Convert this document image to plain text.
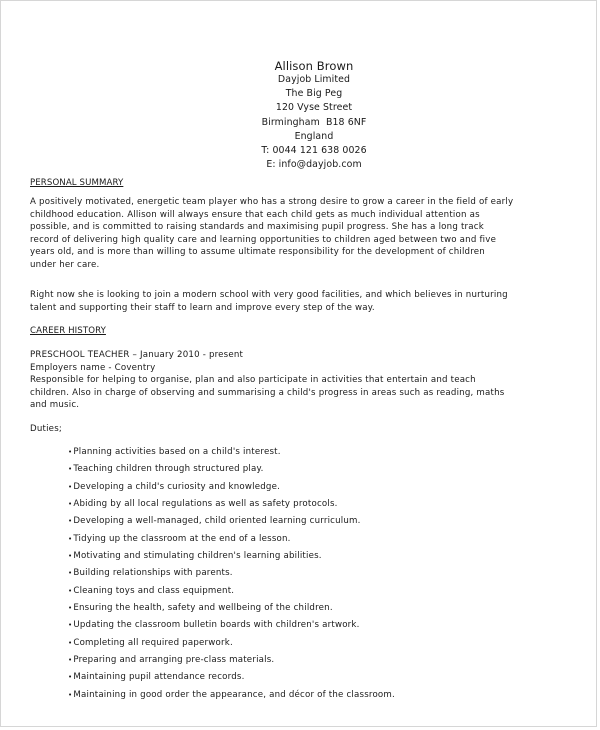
Allison Brown
Dayjob Limited
The Big Peg
120 Vyse Street
Birmingham  B18 6NF
England
T: 0044 121 638 0026
E: info@dayjob.com
PERSONAL SUMMARY

A positively motivated, energetic team player who has a strong desire to grow a career in the field of early

childhood education. Allison will always ensure that each child gets as much individual attention as

possible, and is committed to raising standards and maximising pupil progress. She has a long track

record of delivering high quality care and learning opportunities to children aged between two and five

years old, and is more than willing to assume ultimate responsibility for the development of children

under her care.

Right now she is looking to join a modern school with very good facilities, and which believes in nurturing

talent and supporting their staff to learn and improve every step of the way.

CAREER HISTORY

PRESCHOOL TEACHER – January 2010 - present

Employers name - Coventry

Responsible for helping to organise, plan and also participate in activities that entertain and teach

children. Also in charge of observing and summarising a child's progress in areas such as reading, maths

and music.

Duties;

•Planning activities based on a child's interest.
•Teaching children through structured play.
•Developing a child's curiosity and knowledge.
•Abiding by all local regulations as well as safety protocols.
•Developing a well-managed, child oriented learning curriculum.
•Tidying up the classroom at the end of a lesson.
•Motivating and stimulating children's learning abilities.
•Building relationships with parents.
•Cleaning toys and class equipment.
•Ensuring the health, safety and wellbeing of the children.
•Updating the classroom bulletin boards with children's artwork.
•Completing all required paperwork.
•Preparing and arranging pre-class materials.
•Maintaining pupil attendance records.
•Maintaining in good order the appearance, and décor of the classroom.
